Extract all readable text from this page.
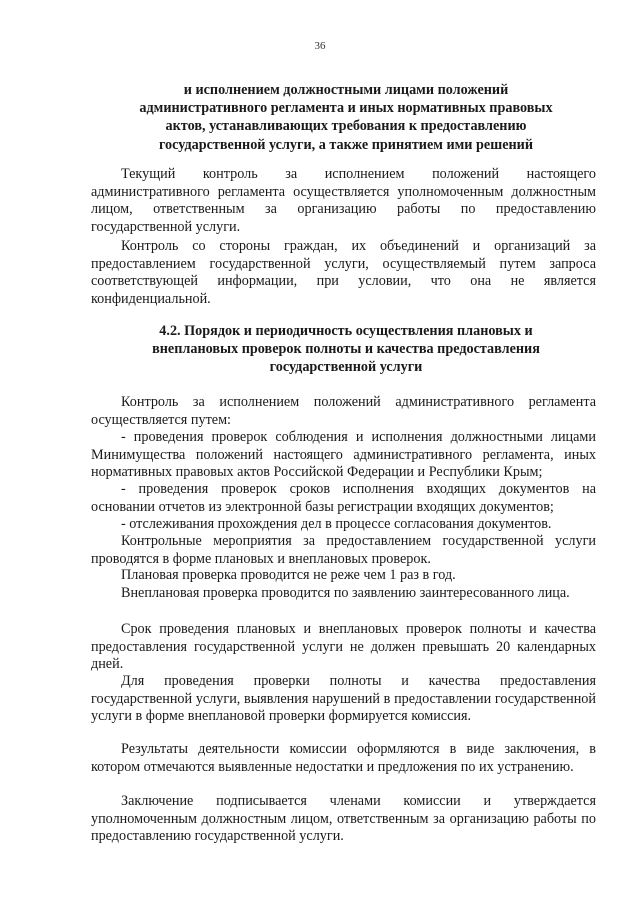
36
и исполнением должностными лицами положений
административного регламента и иных нормативных правовых
актов, устанавливающих требования к предоставлению
государственной услуги, а также принятием ими решений

Текущий контроль за исполнением положений настоящего административного регламента осуществляется уполномоченным должностным лицом, ответственным за организацию работы по предоставлению государственной услуги.

Контроль со стороны граждан, их объединений и организаций за предоставлением государственной услуги, осуществляемый путем запроса соответствующей информации, при условии, что она не является конфиденциальной.

4.2. Порядок и периодичность осуществления плановых и
внеплановых проверок полноты и качества предоставления
государственной услуги

Контроль за исполнением положений административного регламента осуществляется путем:

- проведения проверок соблюдения и исполнения должностными лицами Минимущества положений настоящего административного регламента, иных нормативных правовых актов Российской Федерации и Республики Крым;

- проведения проверок сроков исполнения входящих документов на основании отчетов из электронной базы регистрации входящих документов;

- отслеживания прохождения дел в процессе согласования документов.

Контрольные мероприятия за предоставлением государственной услуги проводятся в форме плановых и внеплановых проверок.

Плановая проверка проводится не реже чем 1 раз в год.

Внеплановая проверка проводится по заявлению заинтересованного лица.

Срок проведения плановых и внеплановых проверок полноты и качества предоставления государственной услуги не должен превышать 20 календарных дней.

Для проведения проверки полноты и качества предоставления государственной услуги, выявления нарушений в предоставлении государственной услуги в форме внеплановой проверки формируется комиссия.

Результаты деятельности комиссии оформляются в виде заключения, в котором отмечаются выявленные недостатки и предложения по их устранению.

Заключение подписывается членами комиссии и утверждается уполномоченным должностным лицом, ответственным за организацию работы по предоставлению государственной услуги.
